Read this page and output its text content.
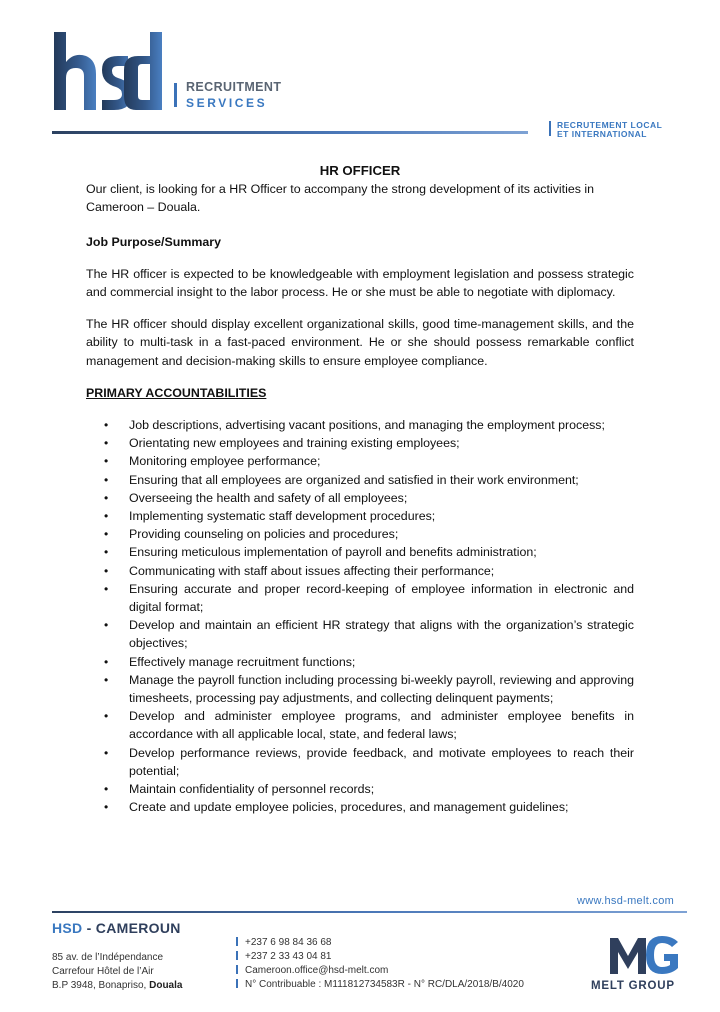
RECRUITMENT
SERVICES
RECRUTEMENT LOCAL
ET INTERNATIONAL

HR OFFICER

Our client, is looking for a HR Officer to accompany the strong development of its activities in Cameroon – Douala.

Job Purpose/Summary

The HR officer is expected to be knowledgeable with employment legislation and possess strategic and commercial insight to the labor process. He or she must be able to negotiate with diplomacy.

The HR officer should display excellent organizational skills, good time-management skills, and the ability to multi-task in a fast-paced environment. He or she should possess remarkable conflict management and decision-making skills to ensure employee compliance.

PRIMARY ACCOUNTABILITIES

• Job descriptions, advertising vacant positions, and managing the employment process;
• Orientating new employees and training existing employees;
• Monitoring employee performance;
• Ensuring that all employees are organized and satisfied in their work environment;
• Overseeing the health and safety of all employees;
• Implementing systematic staff development procedures;
• Providing counseling on policies and procedures;
• Ensuring meticulous implementation of payroll and benefits administration;
• Communicating with staff about issues affecting their performance;
• Ensuring accurate and proper record-keeping of employee information in electronic and digital format;
• Develop and maintain an efficient HR strategy that aligns with the organization’s strategic objectives;
• Effectively manage recruitment functions;
• Manage the payroll function including processing bi-weekly payroll, reviewing and approving timesheets, processing pay adjustments, and collecting delinquent payments;
• Develop and administer employee programs, and administer employee benefits in accordance with all applicable local, state, and federal laws;
• Develop performance reviews, provide feedback, and motivate employees to reach their potential;
• Maintain confidentiality of personnel records;
• Create and update employee policies, procedures, and management guidelines;
www.hsd-melt.com
HSD - CAMEROUN
85 av. de l’Indépendance
Carrefour Hôtel de l’Air
B.P 3948, Bonapriso, Douala
+237 6 98 84 36 68
+237 2 33 43 04 81
Cameroon.office@hsd-melt.com
N° Contribuable : M111812734583R - N° RC/DLA/2018/B/4020	MELT GROUP
